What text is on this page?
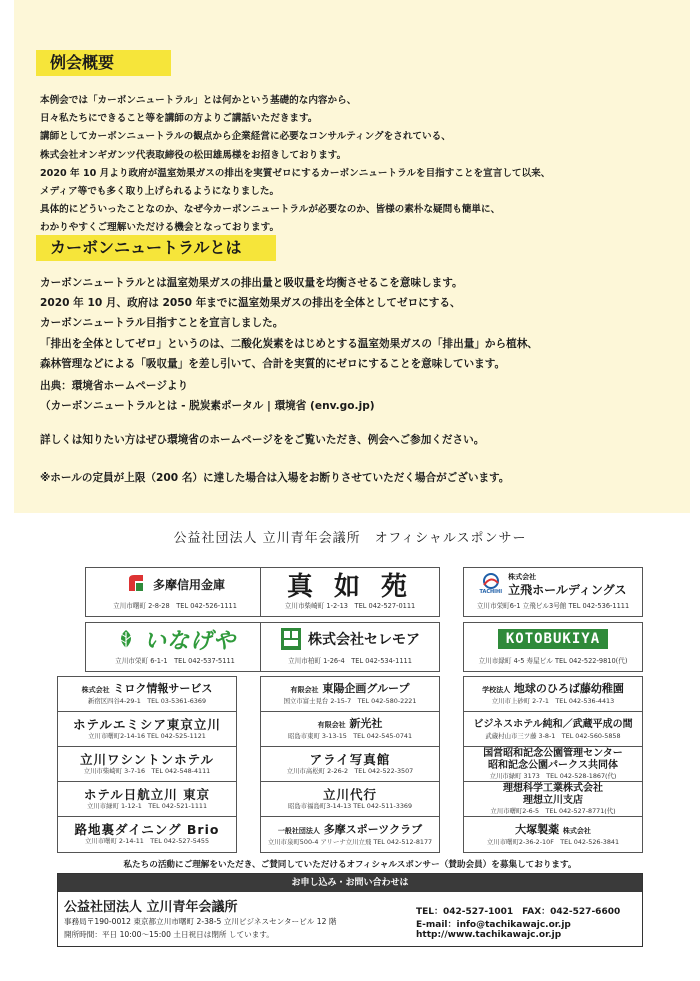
例会概要
本例会では「カーボンニュートラル」とは何かという基礎的な内容から、
日々私たちにできること等を講師の方よりご講話いただきます。
講師としてカーボンニュートラルの観点から企業経営に必要なコンサルティングをされている、
株式会社オンギガンツ代表取締役の松田雄馬様をお招きしております。
2020 年 10 月より政府が温室効果ガスの排出を実質ゼロにするカーボンニュートラルを目指すことを宣言して以来、
メディア等でも多く取り上げられるようになりました。
具体的にどういったことなのか、なぜ今カーボンニュートラルが必要なのか、皆様の素朴な疑問も簡単に、
わかりやすくご理解いただける機会となっております。
カーボンニュートラルとは
カーボンニュートラルとは温室効果ガスの排出量と吸収量を均衡させるこを意味します。
2020 年 10 月、政府は 2050 年までに温室効果ガスの排出を全体としてゼロにする、
カーボンニュートラル目指すことを宣言しました。
「排出を全体としてゼロ」というのは、二酸化炭素をはじめとする温室効果ガスの「排出量」から植林、
森林管理などによる「吸収量」を差し引いて、合計を実質的にゼロにすることを意味しています。
出典：環境省ホームページより
（カーボンニュートラルとは - 脱炭素ポータル | 環境省 (env.go.jp)
詳しくは知りたい方はぜひ環境省のホームページををご覧いただき、例会へご参加ください。
※ホールの定員が上限（200 名）に達した場合は入場をお断りさせていただく場合がございます。
公益社団法人 立川青年会議所　オフィシャルスポンサー
多摩信用金庫
立川市曙町 2-8-28　TEL 042-526-1111
真 如 苑
立川市柴崎町 1-2-13　TEL 042-527-0111
TACHIHI
株式会社
立飛ホールディングス
立川市栄町6-1 立飛ビル3号館 TEL 042-536-1111
いなげや
立川市栄町 6-1-1　TEL 042-537-5111
株式会社セレモア
立川市柏町 1-26-4　TEL 042-534-1111
KOTOBUKIYA
立川市緑町 4-5 寿屋ビル TEL 042-522-9810(代)
株式会社 ミロク情報サービス
新宿区四谷4-29-1　TEL 03-5361-6369
ホテルエミシア東京立川
立川市曙町2-14-16 TEL 042-525-1121
立川ワシントンホテル
立川市柴崎町 3-7-16　TEL 042-548-4111
ホテル日航立川 東京
立川市緑町 1-12-1　TEL 042-521-1111
路地裏ダイニング Brio
立川市曙町 2-14-11　TEL 042-527-5455
有限会社 東陽企画グループ
国立市富士見台 2-15-7　TEL 042-580-2221
有限会社 新光社
昭島市東町 3-13-15　TEL 042-545-0741
アライ写真館
立川市高松町 2-26-2　TEL 042-522-3507
立川代行
昭島市福島町3-14-13 TEL 042-511-3369
一般社団法人 多摩スポーツクラブ
立川市泉町500-4 アリーナ立川立飛 TEL 042-512-8177
学校法人 地球のひろば藤幼稚園
立川市上砂町 2-7-1　TEL 042-536-4413
ビジネスホテル純和／武蔵平成の間
武蔵村山市三ツ藤 3-8-1　TEL 042-560-5858
国営昭和記念公園管理センター
昭和記念公園パークス共同体
立川市緑町 3173　TEL 042-528-1867(代)
理想科学工業株式会社
理想立川支店
立川市曙町2-6-5　TEL 042-527-8771(代)
大塚製薬 株式会社
立川市曙町2-36-2-10F　TEL 042-526-3841
私たちの活動にご理解をいただき、ご賛同していただけるオフィシャルスポンサー（賛助会員）を募集しております。
お申し込み・お問い合わせは
公益社団法人 立川青年会議所
事務局〒190-0012 東京都立川市曙町 2-38-5 立川ビジネスセンタービル 12 階
開所時間：平日 10:00〜15:00 土日祝日は閉所 しています。
TEL：042-527-1001　FAX：042-527-6600
E-mail：info@tachikawajc.or.jp
http://www.tachikawajc.or.jp
